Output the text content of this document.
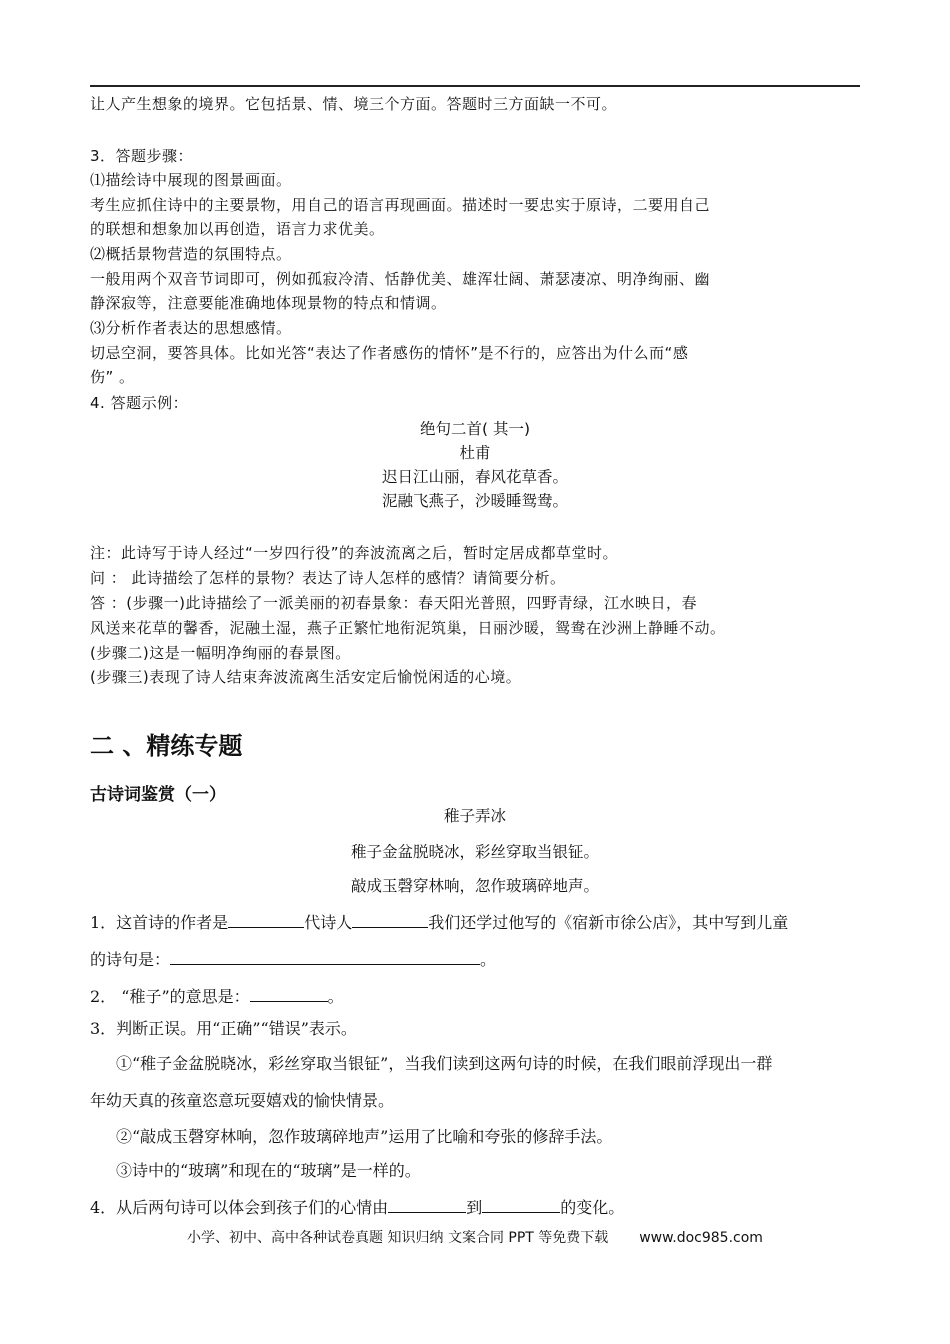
让人产生想象的境界。它包括景、情、境三个方面。答题时三方面缺一不可。
3．答题步骤：
⑴描绘诗中展现的图景画面。
考生应抓住诗中的主要景物，用自己的语言再现画面。描述时一要忠实于原诗，二要用自己
的联想和想象加以再创造，语言力求优美。
⑵概括景物营造的氛围特点。
一般用两个双音节词即可，例如孤寂冷清、恬静优美、雄浑壮阔、萧瑟凄凉、明净绚丽、幽
静深寂等，注意要能准确地体现景物的特点和情调。
⑶分析作者表达的思想感情。
切忌空洞，要答具体。比如光答“表达了作者感伤的情怀”是不行的，应答出为什么而“感
伤” 。
4. 答题示例：
绝句二首( 其一)
杜甫
迟日江山丽，春风花草香。
泥融飞燕子，沙暖睡鸳鸯。
注：此诗写于诗人经过“一岁四行役”的奔波流离之后，暂时定居成都草堂时。
问 ： 此诗描绘了怎样的景物？表达了诗人怎样的感情？请简要分析。
答 ：(步骤一)此诗描绘了一派美丽的初春景象：春天阳光普照，四野青绿，江水映日，春
风送来花草的馨香，泥融土湿，燕子正繁忙地衔泥筑巢，日丽沙暖，鸳鸯在沙洲上静睡不动。
(步骤二)这是一幅明净绚丽的春景图。
(步骤三)表现了诗人结束奔波流离生活安定后愉悦闲适的心境。
二 、精练专题
古诗词鉴赏（一）
稚子弄冰
稚子金盆脱晓冰，彩丝穿取当银钲。
敲成玉磬穿林响，忽作玻璃碎地声。
1．这首诗的作者是	代诗人	我们还学过他写的《宿新市徐公店》，其中写到儿童
的诗句是：	。
2． “稚子”的意思是：	。
3．判断正误。用“正确”“错误”表示。
①“稚子金盆脱晓冰，彩丝穿取当银钲”，当我们读到这两句诗的时候，在我们眼前浮现出一群
年幼天真的孩童恣意玩耍嬉戏的愉快情景。
②“敲成玉磬穿林响，忽作玻璃碎地声”运用了比喻和夸张的修辞手法。
③诗中的“玻璃”和现在的“玻璃”是一样的。
4．从后两句诗可以体会到孩子们的心情由	到	的变化。
小学、初中、高中各种试卷真题 知识归纳 文案合同 PPT 等免费下载 www.doc985.com
